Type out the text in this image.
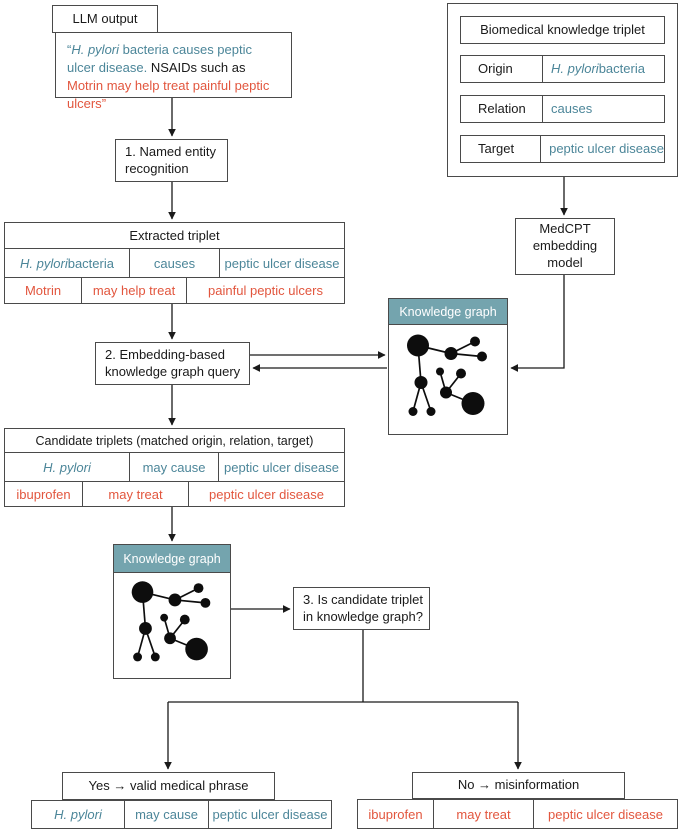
LLM output
“H. pylori bacteria causes peptic ulcer disease. NSAIDs such as Motrin may help treat painful peptic ulcers”
1. Named entity recognition
Extracted triplet
H. pylori bacteria	causes	peptic ulcer disease
Motrin	may help treat	painful peptic ulcers
Biomedical knowledge triplet
Origin	H. pylori bacteria
Relation	causes
Target	peptic ulcer disease
MedCPT embedding model
Knowledge graph
2. Embedding-based knowledge graph query
Candidate triplets (matched origin, relation, target)
H. pylori	may cause	peptic ulcer disease
ibuprofen	may treat	peptic ulcer disease
Knowledge graph
3. Is candidate triplet in knowledge graph?
Yes → valid medical phrase
H. pylori	may cause	peptic ulcer disease
No → misinformation
ibuprofen	may treat	peptic ulcer disease
